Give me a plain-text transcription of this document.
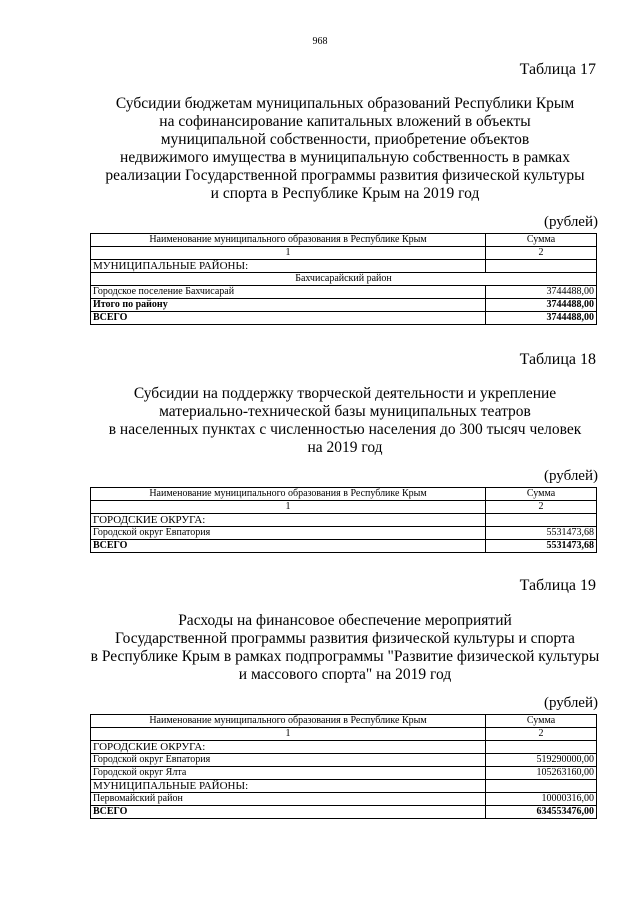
968
Таблица 17
Субсидии бюджетам муниципальных образований Республики Крым
на софинансирование капитальных вложений в объекты
муниципальной собственности, приобретение объектов
недвижимого имущества в муниципальную собственность в рамках
реализации Государственной программы развития физической культуры
и спорта в Республике Крым на 2019 год
(рублей)
Наименование муниципального образования в Республике Крым	Сумма
1	2
МУНИЦИПАЛЬНЫЕ РАЙОНЫ:	
Бахчисарайский район	
Городское поселение Бахчисарай	3744488,00
Итого по району	3744488,00
ВСЕГО	3744488,00
Таблица 18
Субсидии на поддержку творческой деятельности и укрепление
материально-технической базы муниципальных театров
в населенных пунктах с численностью населения до 300 тысяч человек
на 2019 год
(рублей)
Наименование муниципального образования в Республике Крым	Сумма
1	2
ГОРОДСКИЕ ОКРУГА:	
Городской округ Евпатория	5531473,68
ВСЕГО	5531473,68
Таблица 19
Расходы на финансовое обеспечение мероприятий
Государственной программы развития физической культуры и спорта
в Республике Крым в рамках подпрограммы "Развитие физической культуры
и массового спорта" на 2019 год
(рублей)
Наименование муниципального образования в Республике Крым	Сумма
1	2
ГОРОДСКИЕ ОКРУГА:	
Городской округ Евпатория	519290000,00
Городской округ Ялта	105263160,00
МУНИЦИПАЛЬНЫЕ РАЙОНЫ:	
Первомайский район	10000316,00
ВСЕГО	634553476,00
